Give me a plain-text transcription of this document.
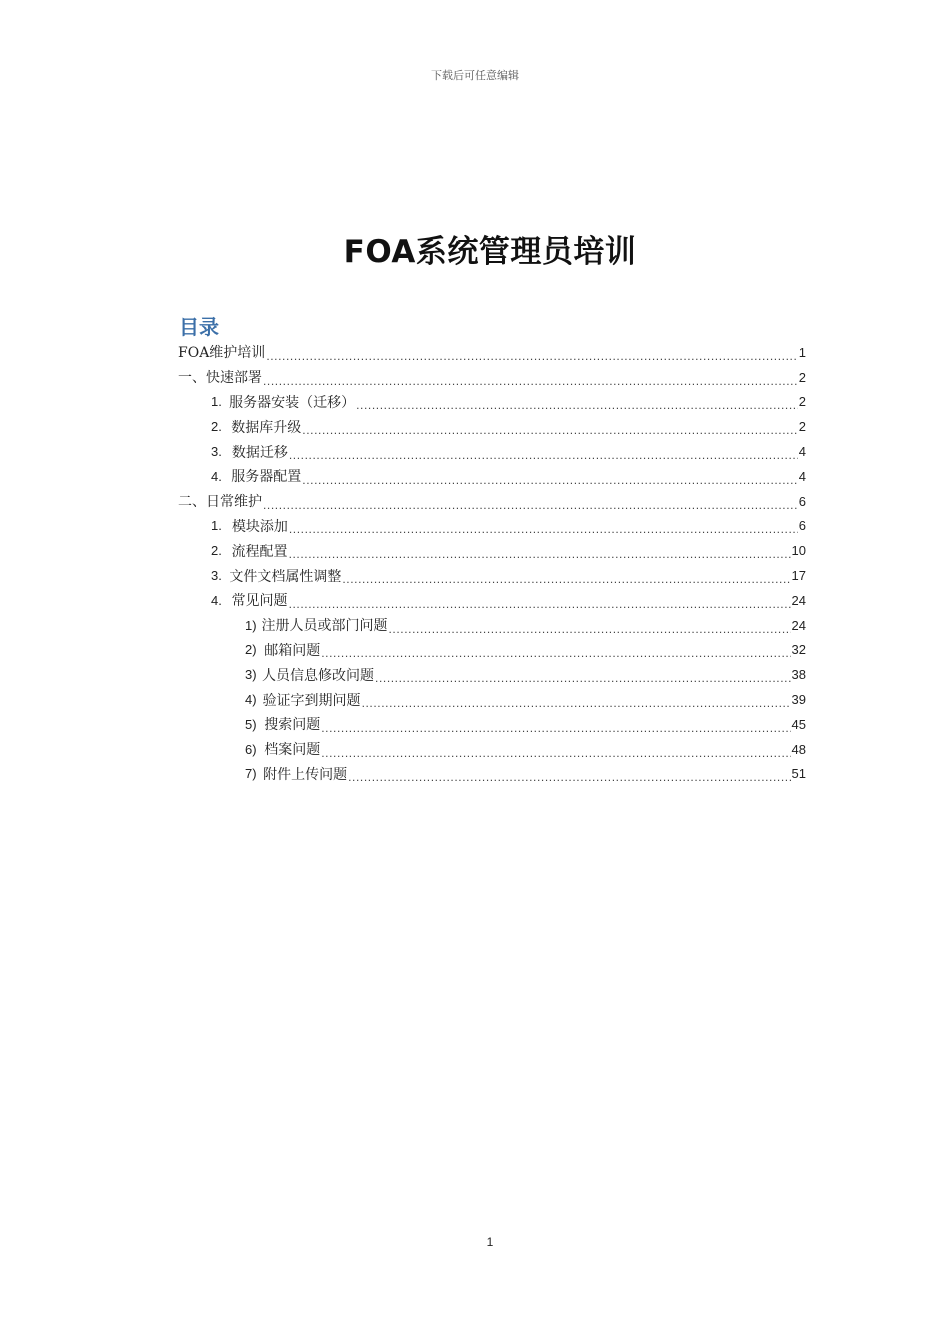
下载后可任意编辑
FOA系统管理员培训
目录
FOA维护培训 .....	1
一、快速部署 .....	2
1. 服务器安装（迁移） .....	2
2. 数据库升级 .....	2
3. 数据迁移 .....	4
4. 服务器配置 .....	4
二、日常维护 .....	6
1. 模块添加 .....	6
2. 流程配置 .....	10
3. 文件文档属性调整 .....	17
4. 常见问题 .....	24
1) 注册人员或部门问题 .....	24
2) 邮箱问题 .....	32
3) 人员信息修改问题 .....	38
4) 验证字到期问题 .....	39
5) 搜索问题 .....	45
6) 档案问题 .....	48
7) 附件上传问题 .....	51
1
